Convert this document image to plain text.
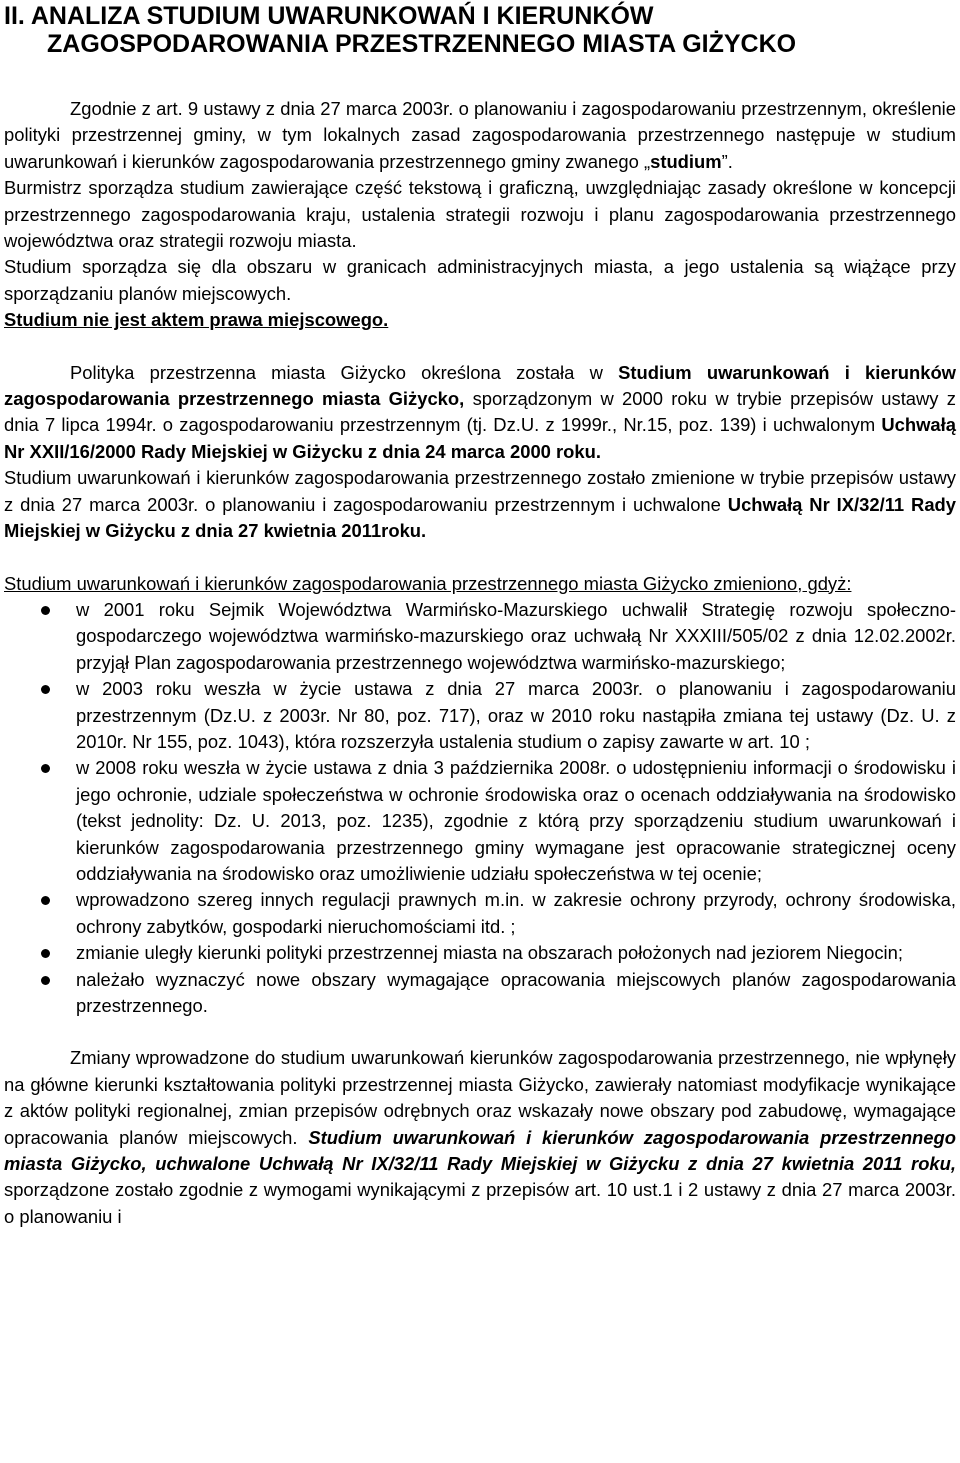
II. ANALIZA STUDIUM UWARUNKOWAŃ I KIERUNKÓW
ZAGOSPODAROWANIA PRZESTRZENNEGO MIASTA GIŻYCKO

Zgodnie z art. 9 ustawy z dnia 27 marca 2003r. o planowaniu i zagospodarowaniu przestrzennym, określenie polityki przestrzennej gminy, w tym lokalnych zasad zagospodarowania przestrzennego następuje w studium uwarunkowań i kierunków zagospodarowania przestrzennego gminy zwanego „studium”.

Burmistrz sporządza studium zawierające część tekstową i graficzną, uwzględniając zasady określone w koncepcji przestrzennego zagospodarowania kraju, ustalenia strategii rozwoju i planu zagospodarowania przestrzennego województwa oraz strategii rozwoju miasta.

Studium sporządza się dla obszaru w granicach administracyjnych miasta, a jego ustalenia są wiążące przy sporządzaniu planów miejscowych.

Studium nie jest aktem prawa miejscowego.

Polityka przestrzenna miasta Giżycko określona została w Studium uwarunkowań i kierunków zagospodarowania przestrzennego miasta Giżycko, sporządzonym w 2000 roku w trybie przepisów ustawy z dnia 7 lipca 1994r. o zagospodarowaniu przestrzennym (tj. Dz.U. z 1999r., Nr.15, poz. 139) i uchwalonym Uchwałą Nr XXII/16/2000 Rady Miejskiej w Giżycku z dnia 24 marca 2000 roku.

Studium uwarunkowań i kierunków zagospodarowania przestrzennego zostało zmienione w trybie przepisów ustawy z dnia 27 marca 2003r. o planowaniu i zagospodarowaniu przestrzennym i uchwalone Uchwałą Nr IX/32/11 Rady Miejskiej w Giżycku z dnia 27 kwietnia 2011roku.

Studium uwarunkowań i kierunków zagospodarowania przestrzennego miasta Giżycko zmieniono, gdyż:

w 2001 roku Sejmik Województwa Warmińsko-Mazurskiego uchwalił Strategię rozwoju społeczno-gospodarczego województwa warmińsko-mazurskiego oraz uchwałą Nr XXXIII/505/02 z dnia 12.02.2002r. przyjął Plan zagospodarowania przestrzennego województwa warmińsko-mazurskiego;
w 2003 roku weszła w życie ustawa z dnia 27 marca 2003r. o planowaniu i zagospodarowaniu przestrzennym (Dz.U. z 2003r. Nr 80, poz. 717), oraz w 2010 roku nastąpiła zmiana tej ustawy (Dz. U. z 2010r. Nr 155, poz. 1043), która rozszerzyła ustalenia studium o zapisy zawarte w art. 10 ;
w 2008 roku weszła w życie ustawa z dnia 3 października 2008r. o udostępnieniu informacji o środowisku i jego ochronie, udziale społeczeństwa w ochronie środowiska oraz o ocenach oddziaływania na środowisko (tekst jednolity: Dz. U. 2013, poz. 1235), zgodnie z którą przy sporządzeniu studium uwarunkowań i kierunków zagospodarowania przestrzennego gminy wymagane jest opracowanie strategicznej oceny oddziaływania na środowisko oraz umożliwienie udziału społeczeństwa w tej ocenie;
wprowadzono szereg innych regulacji prawnych m.in. w zakresie ochrony przyrody, ochrony środowiska, ochrony zabytków, gospodarki nieruchomościami itd. ;
zmianie uległy kierunki polityki przestrzennej miasta na obszarach położonych nad jeziorem Niegocin;
należało wyznaczyć nowe obszary wymagające opracowania miejscowych planów zagospodarowania przestrzennego.

Zmiany wprowadzone do studium uwarunkowań kierunków zagospodarowania przestrzennego, nie wpłynęły na główne kierunki kształtowania polityki przestrzennej miasta Giżycko, zawierały natomiast modyfikacje wynikające z aktów polityki regionalnej, zmian przepisów odrębnych oraz wskazały nowe obszary pod zabudowę, wymagające opracowania planów miejscowych. Studium uwarunkowań i kierunków zagospodarowania przestrzennego miasta Giżycko, uchwalone Uchwałą Nr IX/32/11 Rady Miejskiej w Giżycku z dnia 27 kwietnia 2011 roku, sporządzone zostało zgodnie z wymogami wynikającymi z przepisów art. 10 ust.1 i 2 ustawy z dnia 27 marca 2003r. o planowaniu i
